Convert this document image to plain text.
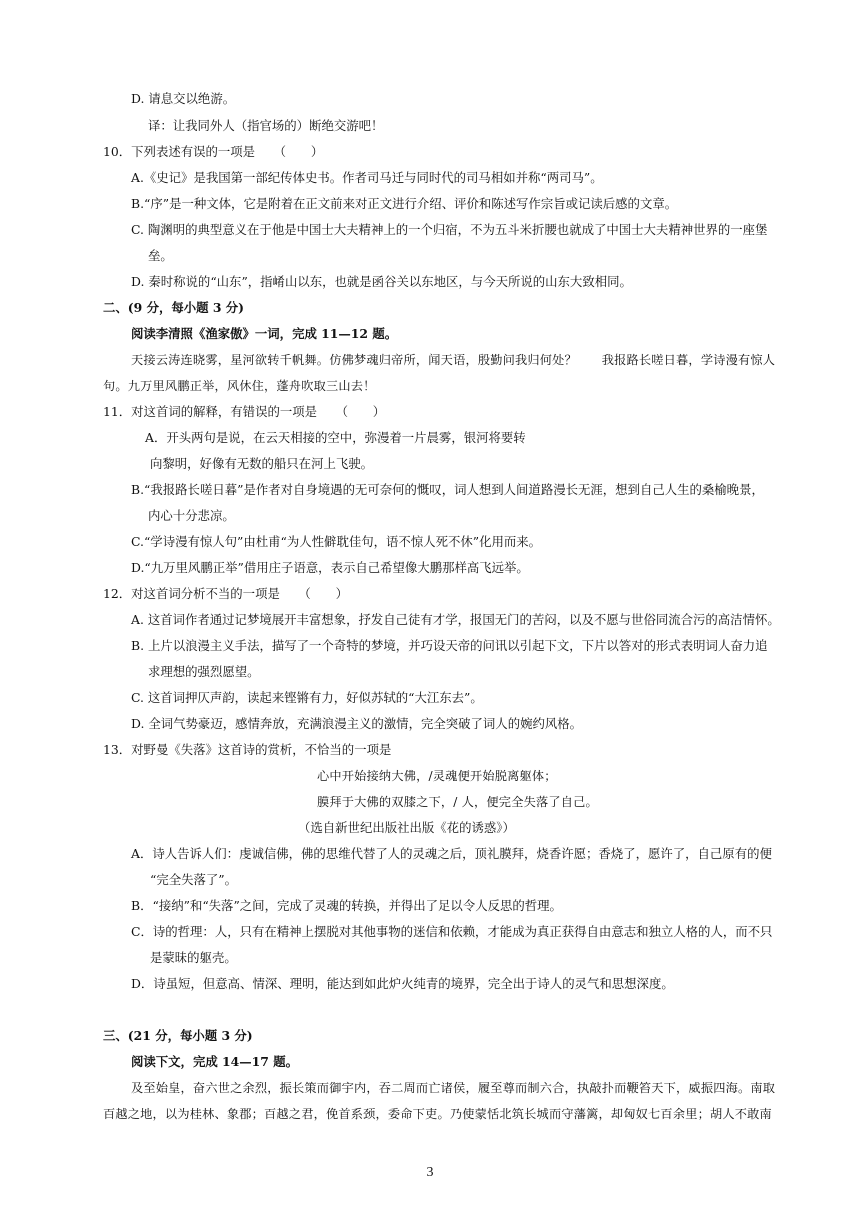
D. 请息交以绝游。
译：让我同外人（指官场的）断绝交游吧！
10．下列表述有误的一项是　　（　　）
A.《史记》是我国第一部纪传体史书。作者司马迁与同时代的司马相如并称“两司马”。
B.“序”是一种文体，它是附着在正文前来对正文进行介绍、评价和陈述写作宗旨或记读后感的文章。
C. 陶渊明的典型意义在于他是中国士大夫精神上的一个归宿，不为五斗米折腰也就成了中国士大夫精神世界的一座堡
垒。
D. 秦时称说的“山东”，指崤山以东，也就是函谷关以东地区，与今天所说的山东大致相同。
二、(9 分，每小题 3 分)
阅读李清照《渔家傲》一词，完成 11—12 题。
天接云涛连晓雾，星河欲转千帆舞。仿佛梦魂归帝所，闻天语，殷勤问我归何处？　　我报路长嗟日暮，学诗漫有惊人
句。九万里风鹏正举，风休住，蓬舟吹取三山去！
11．对这首词的解释，有错误的一项是　　（　　）
A．开头两句是说，在云天相接的空中，弥漫着一片晨雾，银河将要转
向黎明，好像有无数的船只在河上飞驶。
B.“我报路长嗟日暮”是作者对自身境遇的无可奈何的慨叹，词人想到人间道路漫长无涯，想到自己人生的桑榆晚景，
内心十分悲凉。
C.“学诗漫有惊人句”由杜甫“为人性僻耽佳句，语不惊人死不休”化用而来。
D.“九万里风鹏正举”借用庄子语意，表示自己希望像大鹏那样高飞远举。
12．对这首词分析不当的一项是　　（　　）
A. 这首词作者通过记梦境展开丰富想象，抒发自己徒有才学，报国无门的苦闷，以及不愿与世俗同流合污的高洁情怀。
B. 上片以浪漫主义手法，描写了一个奇特的梦境，并巧设天帝的问讯以引起下文，下片以答对的形式表明词人奋力追
求理想的强烈愿望。
C. 这首词押仄声韵，读起来铿锵有力，好似苏轼的“大江东去”。
D. 全词气势豪迈，感情奔放，充满浪漫主义的激情，完全突破了词人的婉约风格。
13．对野曼《失落》这首诗的赏析，不恰当的一项是
心中开始接纳大佛，/灵魂便开始脱离躯体；
膜拜于大佛的双膝之下，/ 人，便完全失落了自己。
（选自新世纪出版社出版《花的诱惑》）
A．诗人告诉人们：虔诚信佛，佛的思维代替了人的灵魂之后，顶礼膜拜，烧香许愿；香烧了，愿许了，自己原有的便
“完全失落了”。
B．“接纳”和“失落”之间，完成了灵魂的转换，并得出了足以令人反思的哲理。
C．诗的哲理：人，只有在精神上摆脱对其他事物的迷信和依赖，才能成为真正获得自由意志和独立人格的人，而不只
是蒙昧的躯壳。
D．诗虽短，但意高、情深、理明，能达到如此炉火纯青的境界，完全出于诗人的灵气和思想深度。
三、(21 分，每小题 3 分)
阅读下文，完成 14—17 题。
及至始皇，奋六世之余烈，振长策而御宇内，吞二周而亡诸侯，履至尊而制六合，执敲扑而鞭笞天下，威振四海。南取
百越之地，以为桂林、象郡；百越之君，俛首系颈，委命下吏。乃使蒙恬北筑长城而守藩篱，却匈奴七百余里；胡人不敢南
3
